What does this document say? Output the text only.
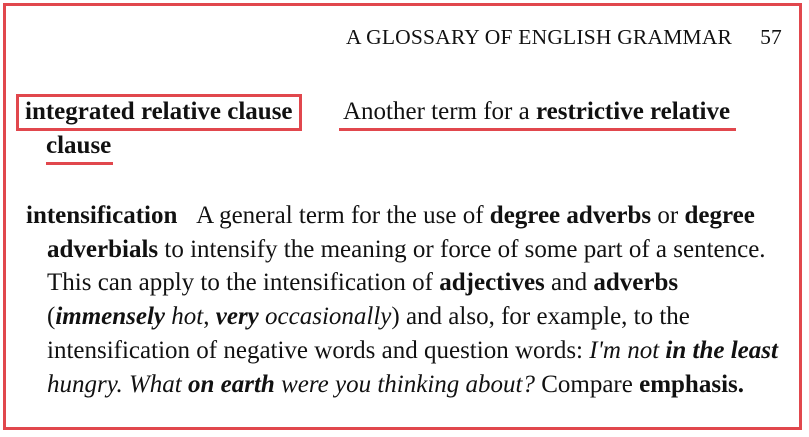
A GLOSSARY OF ENGLISH GRAMMAR 57
integrated relative clause	Another term for a restrictive relative
clause
intensification A general term for the use of degree adverbs or degree adverbials to intensify the meaning or force of some part of a sentence. This can apply to the intensification of adjectives and adverbs (immensely hot, very occasionally) and also, for example, to the intensification of negative words and question words: I'm not in the least hungry. What on earth were you thinking about? Compare emphasis.
